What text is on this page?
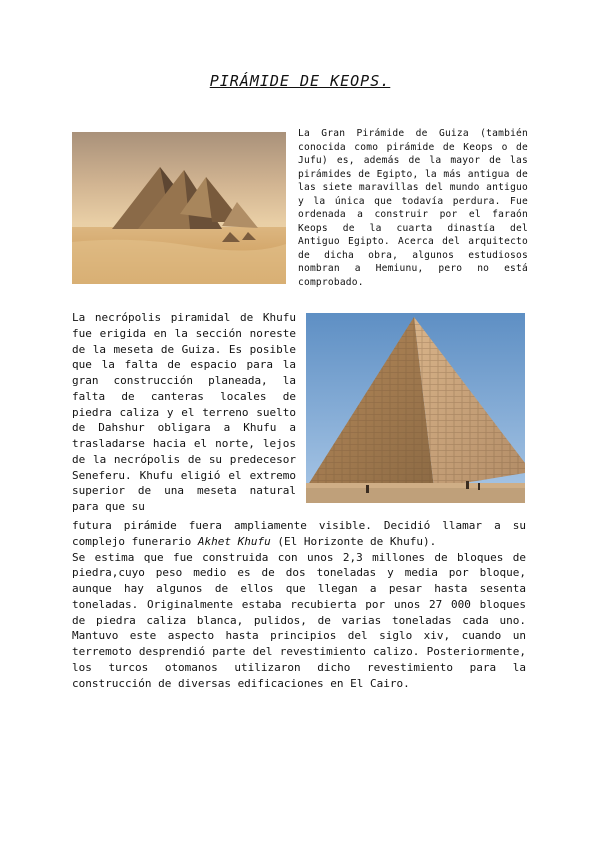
PIRÁMIDE DE KEOPS.

La Gran Pirámide de Guiza (también conocida como pirámide de Keops o de Jufu) es, además de la mayor de las pirámides de Egipto, la más antigua de las siete maravillas del mundo antiguo y la única que todavía perdura. Fue ordenada a construir por el faraón Keops de la cuarta dinastía del Antiguo Egipto. Acerca del arquitecto de dicha obra, algunos estudiosos nombran a Hemiunu, pero no está comprobado.

La necrópolis piramidal de Khufu fue erigida en la sección noreste de la meseta de Guiza. Es posible que la falta de espacio para la gran construcción planeada, la falta de canteras locales de piedra caliza y el terreno suelto de Dahshur obligara a Khufu a trasladarse hacia el norte, lejos de la necrópolis de su predecesor Seneferu. Khufu eligió el extremo superior de una meseta natural para que su

futura pirámide fuera ampliamente visible. Decidió llamar a su
complejo funerario Akhet Khufu (El Horizonte de Khufu).
Se estima que fue construida con unos 2,3 millones de bloques de piedra,cuyo peso medio es de dos toneladas y media por bloque, aunque hay algunos de ellos que llegan a pesar hasta sesenta toneladas. Originalmente estaba recubierta por unos 27 000 bloques de piedra caliza blanca, pulidos, de varias toneladas cada uno. Mantuvo este aspecto hasta principios del siglo xiv, cuando un terremoto desprendió parte del revestimiento calizo. Posteriormente, los turcos otomanos utilizaron dicho revestimiento para la construcción de diversas edificaciones en El Cairo.
